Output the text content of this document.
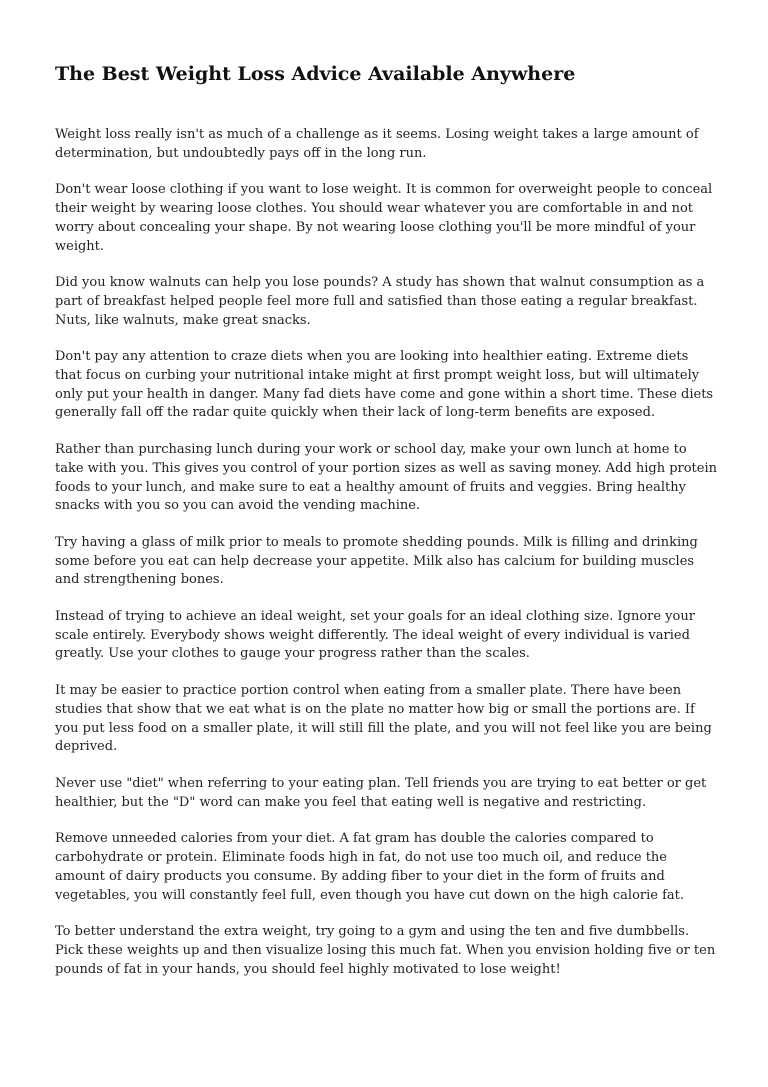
The Best Weight Loss Advice Available Anywhere

Weight loss really isn't as much of a challenge as it seems. Losing weight takes a large amount of determination, but undoubtedly pays off in the long run.

Don't wear loose clothing if you want to lose weight. It is common for overweight people to conceal their weight by wearing loose clothes. You should wear whatever you are comfortable in and not worry about concealing your shape. By not wearing loose clothing you'll be more mindful of your weight.

Did you know walnuts can help you lose pounds? A study has shown that walnut consumption as a part of breakfast helped people feel more full and satisfied than those eating a regular breakfast. Nuts, like walnuts, make great snacks.

Don't pay any attention to craze diets when you are looking into healthier eating. Extreme diets that focus on curbing your nutritional intake might at first prompt weight loss, but will ultimately only put your health in danger. Many fad diets have come and gone within a short time. These diets generally fall off the radar quite quickly when their lack of long-term benefits are exposed.

Rather than purchasing lunch during your work or school day, make your own lunch at home to take with you. This gives you control of your portion sizes as well as saving money. Add high protein foods to your lunch, and make sure to eat a healthy amount of fruits and veggies. Bring healthy snacks with you so you can avoid the vending machine.

Try having a glass of milk prior to meals to promote shedding pounds. Milk is filling and drinking some before you eat can help decrease your appetite. Milk also has calcium for building muscles and strengthening bones.

Instead of trying to achieve an ideal weight, set your goals for an ideal clothing size. Ignore your scale entirely. Everybody shows weight differently. The ideal weight of every individual is varied greatly. Use your clothes to gauge your progress rather than the scales.

It may be easier to practice portion control when eating from a smaller plate. There have been studies that show that we eat what is on the plate no matter how big or small the portions are. If you put less food on a smaller plate, it will still fill the plate, and you will not feel like you are being deprived.

Never use "diet" when referring to your eating plan. Tell friends you are trying to eat better or get healthier, but the "D" word can make you feel that eating well is negative and restricting.

Remove unneeded calories from your diet. A fat gram has double the calories compared to carbohydrate or protein. Eliminate foods high in fat, do not use too much oil, and reduce the amount of dairy products you consume. By adding fiber to your diet in the form of fruits and vegetables, you will constantly feel full, even though you have cut down on the high calorie fat.

To better understand the extra weight, try going to a gym and using the ten and five dumbbells. Pick these weights up and then visualize losing this much fat. When you envision holding five or ten pounds of fat in your hands, you should feel highly motivated to lose weight!
